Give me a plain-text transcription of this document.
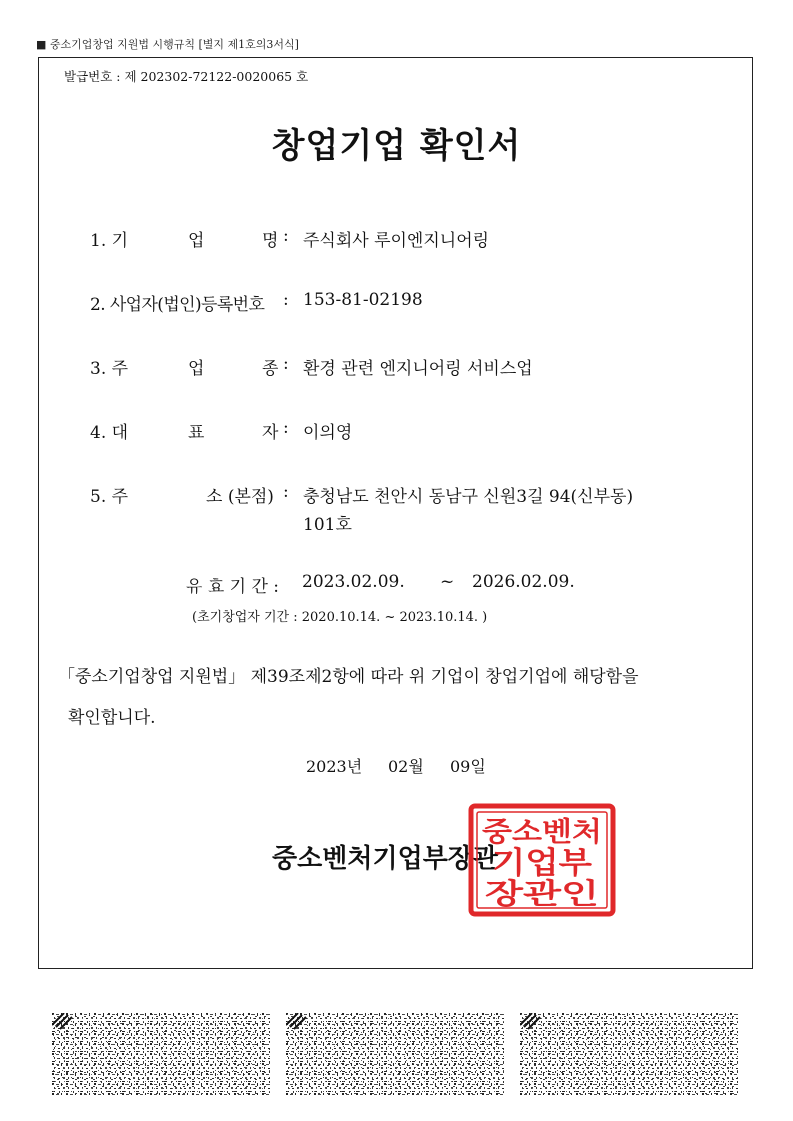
■ 중소기업창업 지원법 시행규칙 [별지 제1호의3서식]
발급번호 : 제 202302-72122-0020065 호
창업기업 확인서
1. 기	업	명 : 주식회사 루이엔지니어링
2. 사업자(법인)등록번호 : 153-81-02198
3. 주	업	종 : 환경 관련 엔지니어링 서비스업
4. 대	표	자 : 이의영
5. 주	소 (본점) : 충청남도 천안시 동남구 신원3길 94(신부동)
101호
유 효 기 간 : 2023.02.09. ~ 2026.02.09.
(초기창업자 기간 : 2020.10.14. ~ 2023.10.14. )
「중소기업창업 지원법」 제39조제2항에 따라 위 기업이 창업기업에 해당함을
확인합니다.
2023년 02월 09일
중소벤처기업부장관
중소벤처
기업부
장관인
